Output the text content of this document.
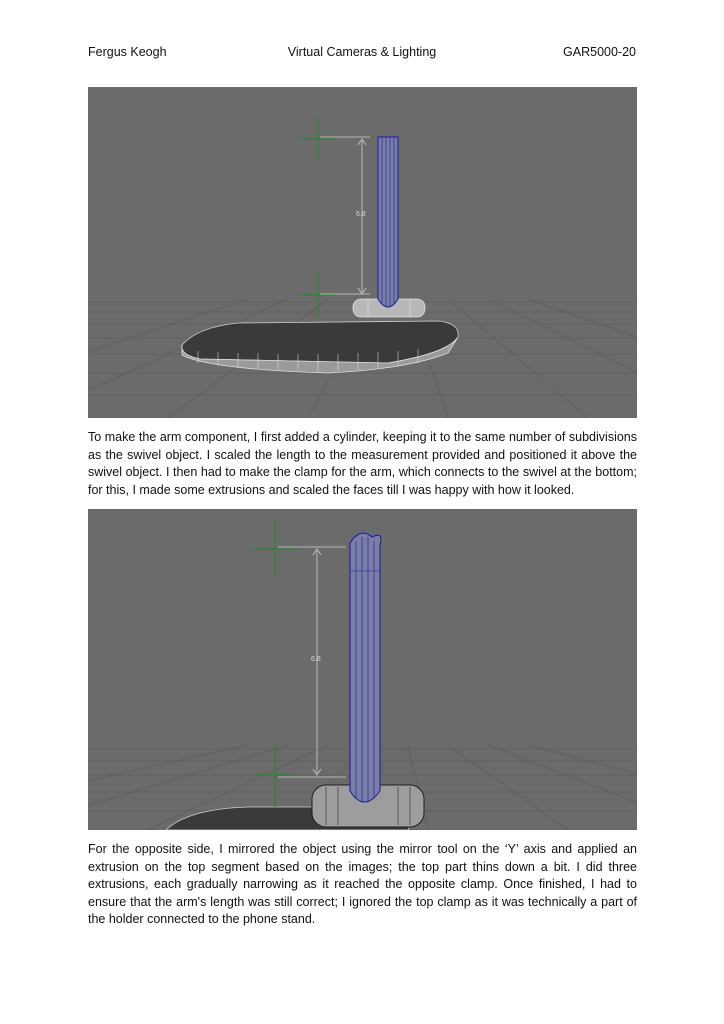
Fergus Keogh	Virtual Cameras & Lighting	GAR5000-20
6.8

To make the arm component, I first added a cylinder, keeping it to the same number of subdivisions as the swivel object. I scaled the length to the measurement provided and positioned it above the swivel object. I then had to make the clamp for the arm, which connects to the swivel at the bottom; for this, I made some extrusions and scaled the faces till I was happy with how it looked.

6.8

For the opposite side, I mirrored the object using the mirror tool on the ‘Y’ axis and applied an extrusion on the top segment based on the images; the top part thins down a bit. I did three extrusions, each gradually narrowing as it reached the opposite clamp. Once finished, I had to ensure that the arm's length was still correct; I ignored the top clamp as it was technically a part of the holder connected to the phone stand.
